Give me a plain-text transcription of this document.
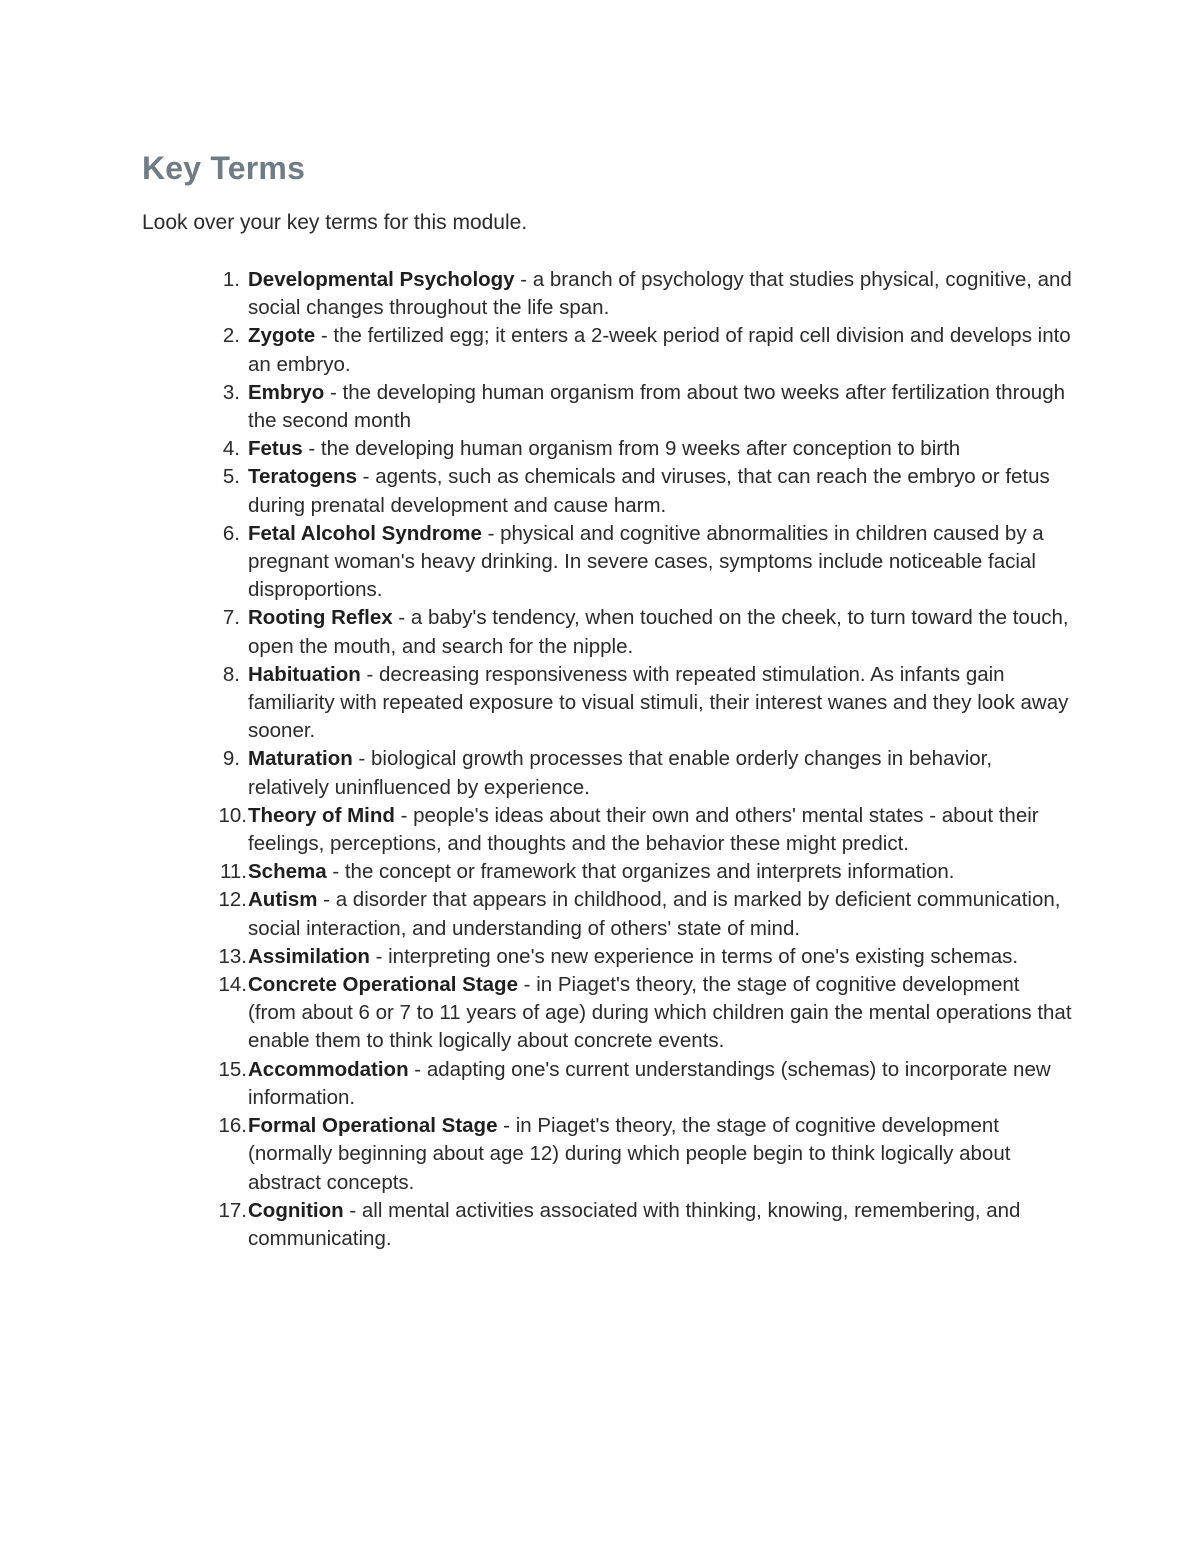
Key Terms

Look over your key terms for this module.

1. Developmental Psychology - a branch of psychology that studies physical, cognitive, and social changes throughout the life span.
2. Zygote - the fertilized egg; it enters a 2-week period of rapid cell division and develops into an embryo.
3. Embryo - the developing human organism from about two weeks after fertilization through the second month
4. Fetus - the developing human organism from 9 weeks after conception to birth
5. Teratogens - agents, such as chemicals and viruses, that can reach the embryo or fetus during prenatal development and cause harm.
6. Fetal Alcohol Syndrome - physical and cognitive abnormalities in children caused by a pregnant woman's heavy drinking. In severe cases, symptoms include noticeable facial disproportions.
7. Rooting Reflex - a baby's tendency, when touched on the cheek, to turn toward the touch, open the mouth, and search for the nipple.
8. Habituation - decreasing responsiveness with repeated stimulation. As infants gain familiarity with repeated exposure to visual stimuli, their interest wanes and they look away sooner.
9. Maturation - biological growth processes that enable orderly changes in behavior, relatively uninfluenced by experience.
10. Theory of Mind - people's ideas about their own and others' mental states - about their feelings, perceptions, and thoughts and the behavior these might predict.
11. Schema - the concept or framework that organizes and interprets information.
12. Autism - a disorder that appears in childhood, and is marked by deficient communication, social interaction, and understanding of others' state of mind.
13. Assimilation - interpreting one's new experience in terms of one's existing schemas.
14. Concrete Operational Stage - in Piaget's theory, the stage of cognitive development (from about 6 or 7 to 11 years of age) during which children gain the mental operations that enable them to think logically about concrete events.
15. Accommodation - adapting one's current understandings (schemas) to incorporate new information.
16. Formal Operational Stage - in Piaget's theory, the stage of cognitive development (normally beginning about age 12) during which people begin to think logically about abstract concepts.
17. Cognition - all mental activities associated with thinking, knowing, remembering, and communicating.
